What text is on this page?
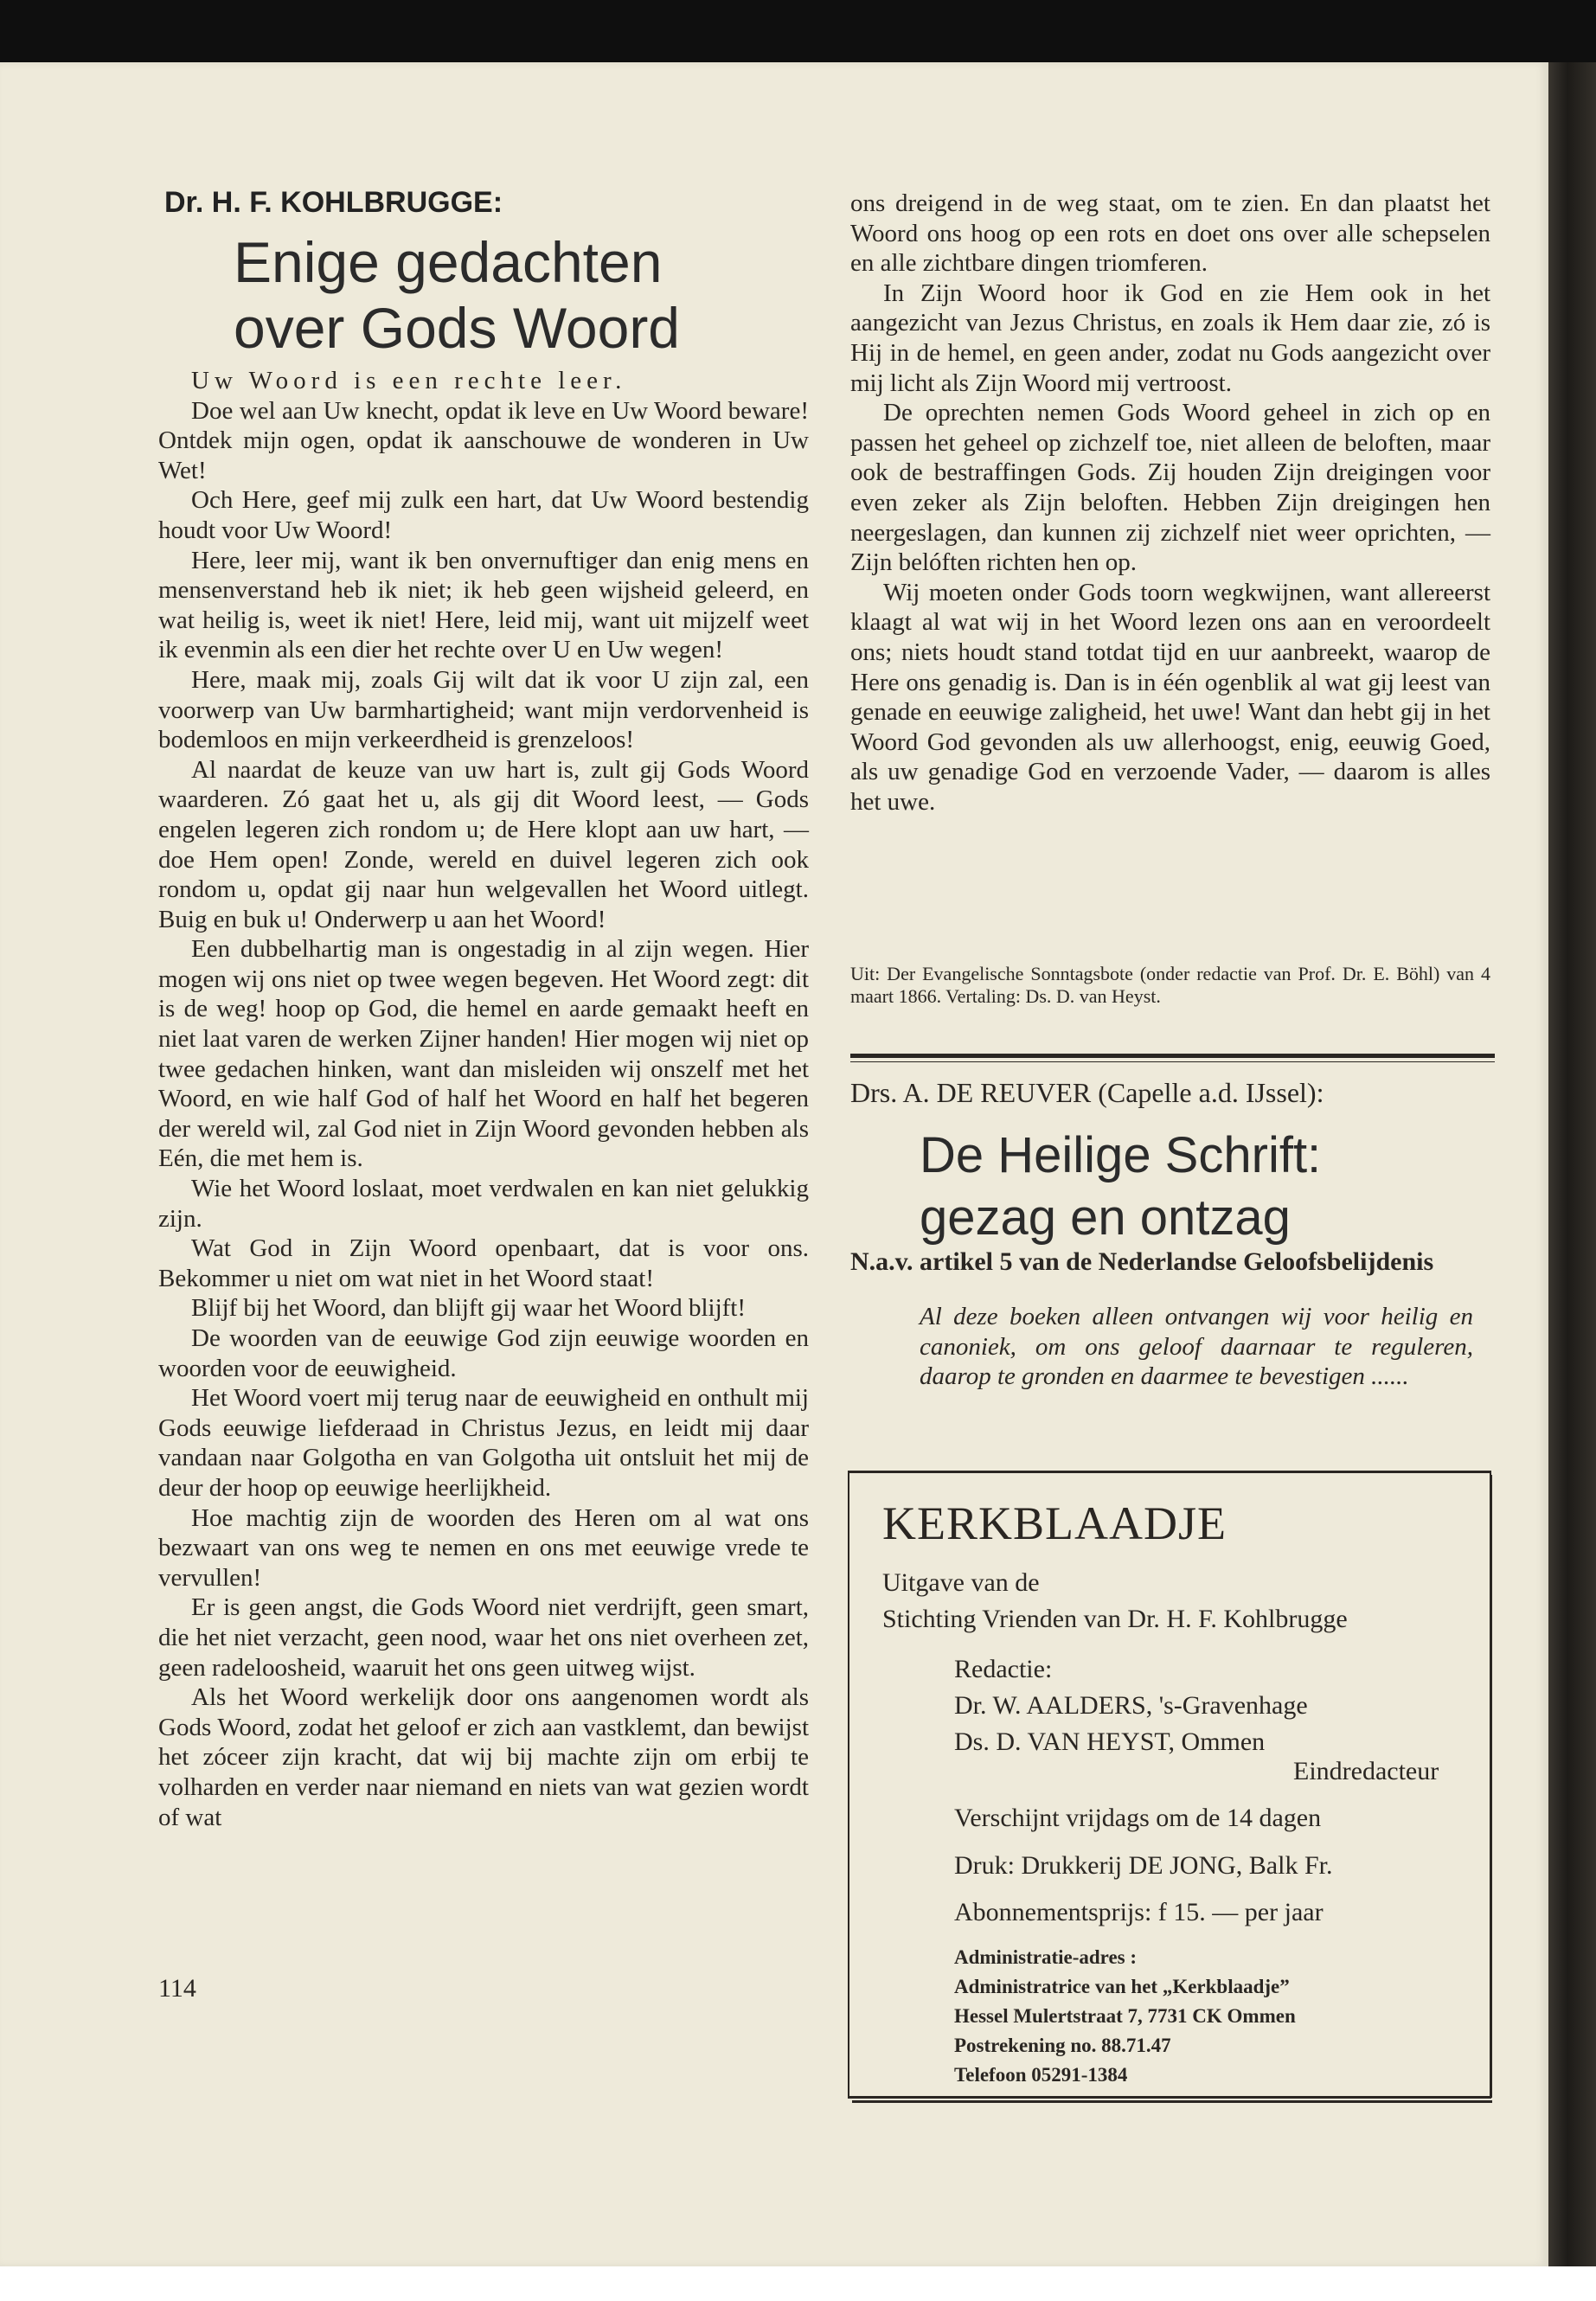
Dr. H. F. KOHLBRUGGE:
Enige gedachten
over Gods Woord

Uw Woord is een rechte leer.

Doe wel aan Uw knecht, opdat ik leve en Uw Woord beware! Ontdek mijn ogen, opdat ik aanschouwe de wonderen in Uw Wet!

Och Here, geef mij zulk een hart, dat Uw Woord bestendig houdt voor Uw Woord!

Here, leer mij, want ik ben onvernuftiger dan enig mens en mensenverstand heb ik niet; ik heb geen wijsheid geleerd, en wat heilig is, weet ik niet! Here, leid mij, want uit mijzelf weet ik evenmin als een dier het rechte over U en Uw wegen!

Here, maak mij, zoals Gij wilt dat ik voor U zijn zal, een voorwerp van Uw barmhartigheid; want mijn verdorvenheid is bodemloos en mijn verkeerdheid is grenzeloos!

Al naardat de keuze van uw hart is, zult gij Gods Woord waarderen. Zó gaat het u, als gij dit Woord leest, — Gods engelen legeren zich rondom u; de Here klopt aan uw hart, — doe Hem open! Zonde, wereld en duivel legeren zich ook rondom u, opdat gij naar hun welgevallen het Woord uitlegt. Buig en buk u! Onderwerp u aan het Woord!

Een dubbelhartig man is ongestadig in al zijn wegen. Hier mogen wij ons niet op twee wegen begeven. Het Woord zegt: dit is de weg! hoop op God, die hemel en aarde gemaakt heeft en niet laat varen de werken Zijner handen! Hier mogen wij niet op twee gedachen hinken, want dan misleiden wij onszelf met het Woord, en wie half God of half het Woord en half het begeren der wereld wil, zal God niet in Zijn Woord gevonden hebben als Eén, die met hem is.

Wie het Woord loslaat, moet verdwalen en kan niet gelukkig zijn.

Wat God in Zijn Woord openbaart, dat is voor ons. Bekommer u niet om wat niet in het Woord staat!

Blijf bij het Woord, dan blijft gij waar het Woord blijft!

De woorden van de eeuwige God zijn eeuwige woorden en woorden voor de eeuwigheid.

Het Woord voert mij terug naar de eeuwigheid en onthult mij Gods eeuwige liefderaad in Christus Jezus, en leidt mij daar vandaan naar Golgotha en van Golgotha uit ontsluit het mij de deur der hoop op eeuwige heerlijkheid.

Hoe machtig zijn de woorden des Heren om al wat ons bezwaart van ons weg te nemen en ons met eeuwige vrede te vervullen!

Er is geen angst, die Gods Woord niet verdrijft, geen smart, die het niet verzacht, geen nood, waar het ons niet overheen zet, geen radeloosheid, waaruit het ons geen uitweg wijst.

Als het Woord werkelijk door ons aangenomen wordt als Gods Woord, zodat het geloof er zich aan vastklemt, dan bewijst het zóceer zijn kracht, dat wij bij machte zijn om erbij te volharden en verder naar niemand en niets van wat gezien wordt of wat

114

ons dreigend in de weg staat, om te zien. En dan plaatst het Woord ons hoog op een rots en doet ons over alle schepselen en alle zichtbare dingen triomferen.

In Zijn Woord hoor ik God en zie Hem ook in het aangezicht van Jezus Christus, en zoals ik Hem daar zie, zó is Hij in de hemel, en geen ander, zodat nu Gods aangezicht over mij licht als Zijn Woord mij vertroost.

De oprechten nemen Gods Woord geheel in zich op en passen het geheel op zichzelf toe, niet alleen de beloften, maar ook de bestraffingen Gods. Zij houden Zijn dreigingen voor even zeker als Zijn beloften. Hebben Zijn dreigingen hen neergeslagen, dan kunnen zij zichzelf niet weer oprichten, — Zijn belóften richten hen op.

Wij moeten onder Gods toorn wegkwijnen, want allereerst klaagt al wat wij in het Woord lezen ons aan en veroordeelt ons; niets houdt stand totdat tijd en uur aanbreekt, waarop de Here ons genadig is. Dan is in één ogenblik al wat gij leest van genade en eeuwige zaligheid, het uwe! Want dan hebt gij in het Woord God gevonden als uw allerhoogst, enig, eeuwig Goed, als uw genadige God en verzoende Vader, — daarom is alles het uwe.

Uit: Der Evangelische Sonntagsbote (onder redactie van Prof. Dr. E. Böhl) van 4 maart 1866. Vertaling: Ds. D. van Heyst.
Drs. A. DE REUVER (Capelle a.d. IJssel):
De Heilige Schrift:
gezag en ontzag
N.a.v. artikel 5 van de Nederlandse Geloofsbelijdenis
Al deze boeken alleen ontvangen wij voor heilig en canoniek, om ons geloof daarnaar te reguleren, daarop te gronden en daarmee te bevestigen ......
KERKBLAADJE
Uitgave van de
Stichting Vrienden van Dr. H. F. Kohlbrugge
Redactie:
Dr. W. AALDERS, 's-Gravenhage
Ds. D. VAN HEYST, Ommen
Eindredacteur
Verschijnt vrijdags om de 14 dagen
Druk: Drukkerij DE JONG, Balk Fr.
Abonnementsprijs: f 15. — per jaar
Administratie-adres :
Administratrice van het „Kerkblaadje”
Hessel Mulertstraat 7, 7731 CK Ommen
Postrekening no. 88.71.47
Telefoon 05291-1384
